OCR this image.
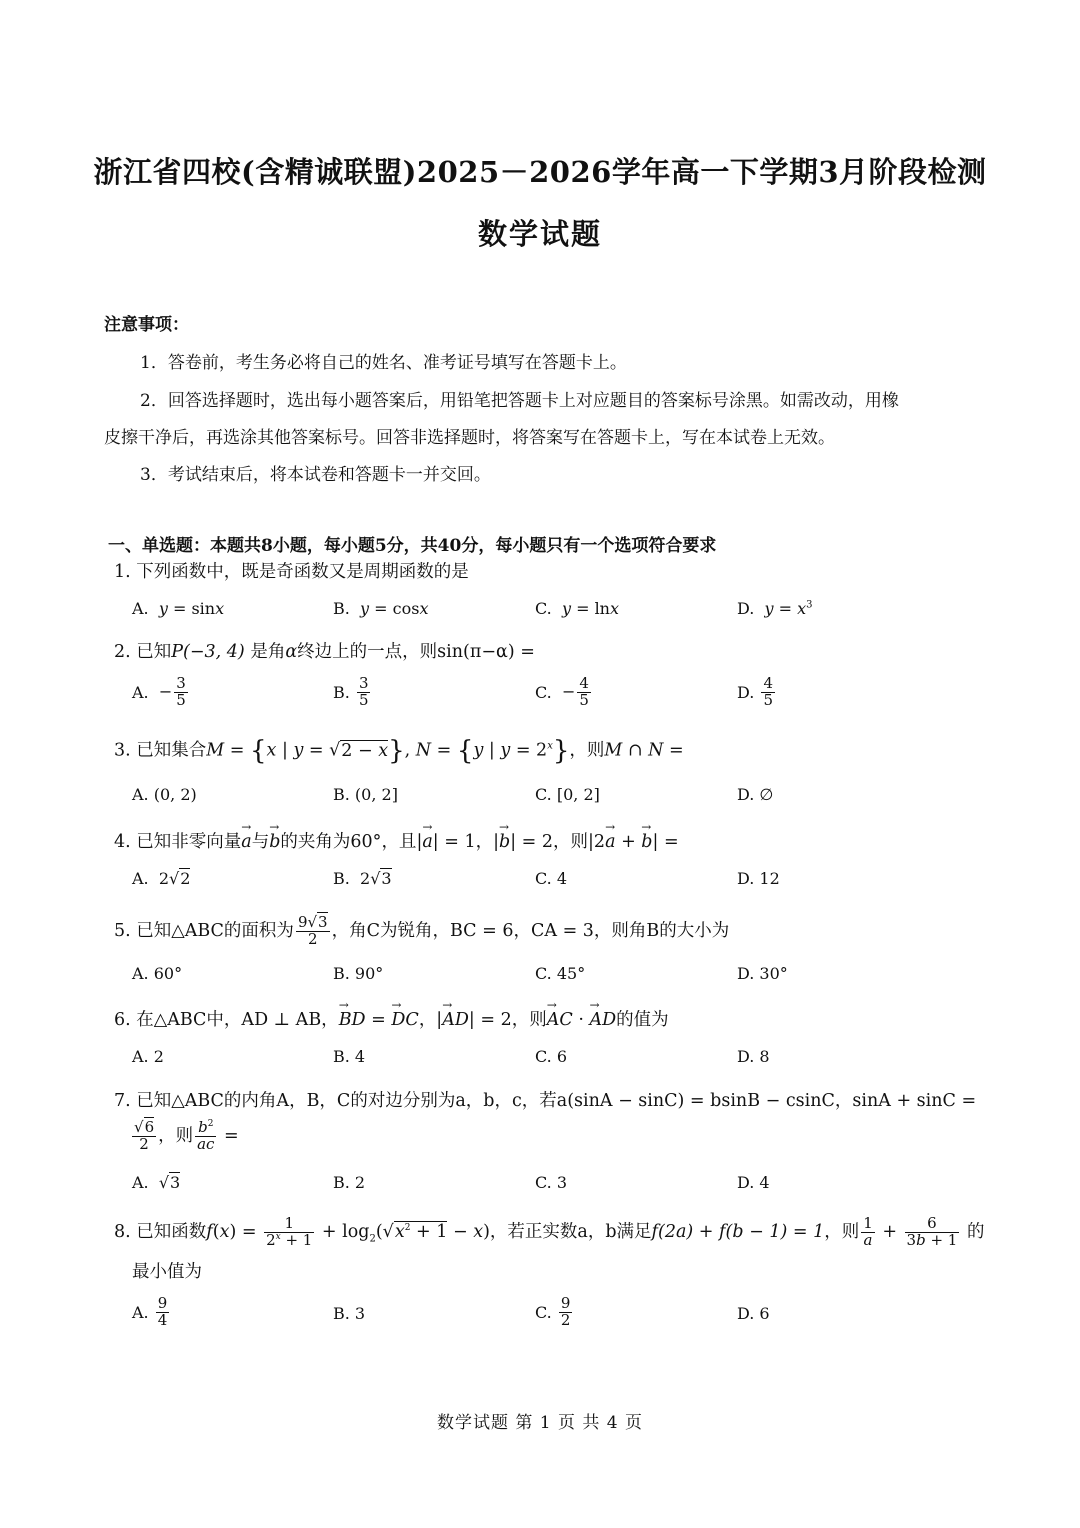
浙江省四校(含精诚联盟)2025－2026学年高一下学期3月阶段检测
数学试题
注意事项：
1．答卷前，考生务必将自己的姓名、准考证号填写在答题卡上。
2．回答选择题时，选出每小题答案后，用铅笔把答题卡上对应题目的答案标号涂黑。如需改动，用橡
皮擦干净后，再选涂其他答案标号。回答非选择题时，将答案写在答题卡上，写在本试卷上无效。
3．考试结束后，将本试卷和答题卡一并交回。
一、单选题：本题共8小题，每小题5分，共40分，每小题只有一个选项符合要求
1. 下列函数中，既是奇函数又是周期函数的是
A. y = sinx	B. y = cosx	C. y = lnx	D. $y = x^3$
2. 已知P(−3, 4) 是角α终边上的一点，则sin(π−α) =
A.  − $\frac{3}{5}$	B. $\frac{3}{5}$	C.  − $\frac{4}{5}$	D. $\frac{4}{5}$
3. 已知集合M = {x | y = √2 − x}, N = {y | $y = 2^x$}，则M ∩ N =
A. (0, 2)	B. (0, 2]	C. [0, 2]	D. ∅
4. 已知非零向量a →与b →的夹角为60°，且|a →| = 1，|b →| = 2，则|2a → + b →| =
A.  2√2	B.  2√3	C. 4	D. 12
5. 已知△ABC的面积为 $\frac{9√3}{2}$ ，角C为锐角，BC = 6，CA = 3，则角B的大小为
A. 60°	B. 90°	C. 45°	D. 30°
6. 在△ABC中，AD ⊥ AB，BD → = DC →，|AD →| = 2，则AC → · AD →的值为
A. 2	B. 4	C. 6	D. 8
7. 已知△ABC的内角A，B，C的对边分别为a，b，c，若a(sinA − sinC) = bsinB − csinC，sinA + sinC =
$\frac{√6}{2}$ ，则 $\frac{b^2}{ac}$ =
A.  √3	B. 2	C. 3	D. 4
8. 已知函数$f(x) = \frac{1}{2^x + 1} + \log_2(√x^2 + 1 - x)$，若正实数a，b满足f(2a) + f(b − 1) = 1，则 $\frac{1}{a} + \frac{6}{3b + 1}$ 的
最小值为
A. $\frac{9}{4}$	B. 3	C. $\frac{9}{2}$	D. 6
数学试题 第 1 页 共 4 页
